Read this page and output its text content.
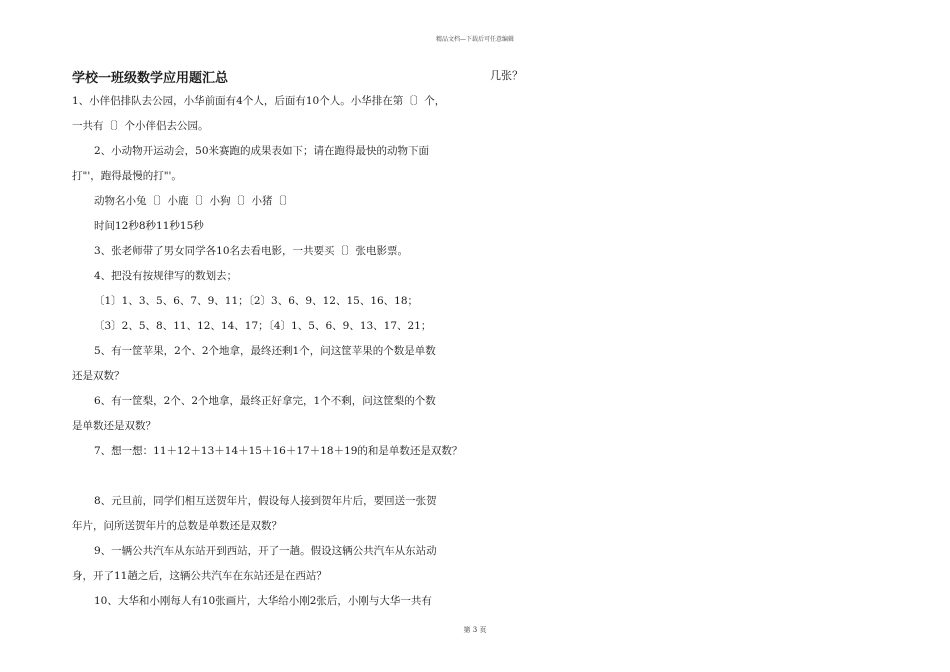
精品文档—下载后可任意编辑
学校一班级数学应用题汇总	几张？
1、小伴侣排队去公园，小华前面有4个人，后面有10个人。小华排在第〔〕个，
一共有〔〕个小伴侣去公园。
2、小动物开运动会，50米赛跑的成果表如下；请在跑得最快的动物下面
打"'，跑得最慢的打"'。
动物名小兔〔〕小鹿〔〕小狗〔〕小猪〔〕
时间12秒8秒11秒15秒
3、张老师带了男女同学各10名去看电影，一共要买〔〕张电影票。
4、把没有按规律写的数划去；
〔1〕1、3、5、6、7、9、11；〔2〕3、6、9、12、15、16、18；
〔3〕2、5、8、11、12、14、17；〔4〕1、5、6、9、13、17、21；
5、有一筐苹果，2个、2个地拿，最终还剩1个，问这筐苹果的个数是单数
还是双数？
6、有一筐梨，2个、2个地拿，最终正好拿完，1个不剩，问这筐梨的个数
是单数还是双数？
7、想一想：11＋12＋13＋14＋15＋16＋17＋18＋19的和是单数还是双数？
8、元旦前，同学们相互送贺年片，假设每人接到贺年片后，要回送一张贺
年片，问所送贺年片的总数是单数还是双数？
9、一辆公共汽车从东站开到西站，开了一趟。假设这辆公共汽车从东站动
身，开了11趟之后，这辆公共汽车在东站还是在西站？
10、大华和小刚每人有10张画片，大华给小刚2张后，小刚与大华一共有
第 3 页
